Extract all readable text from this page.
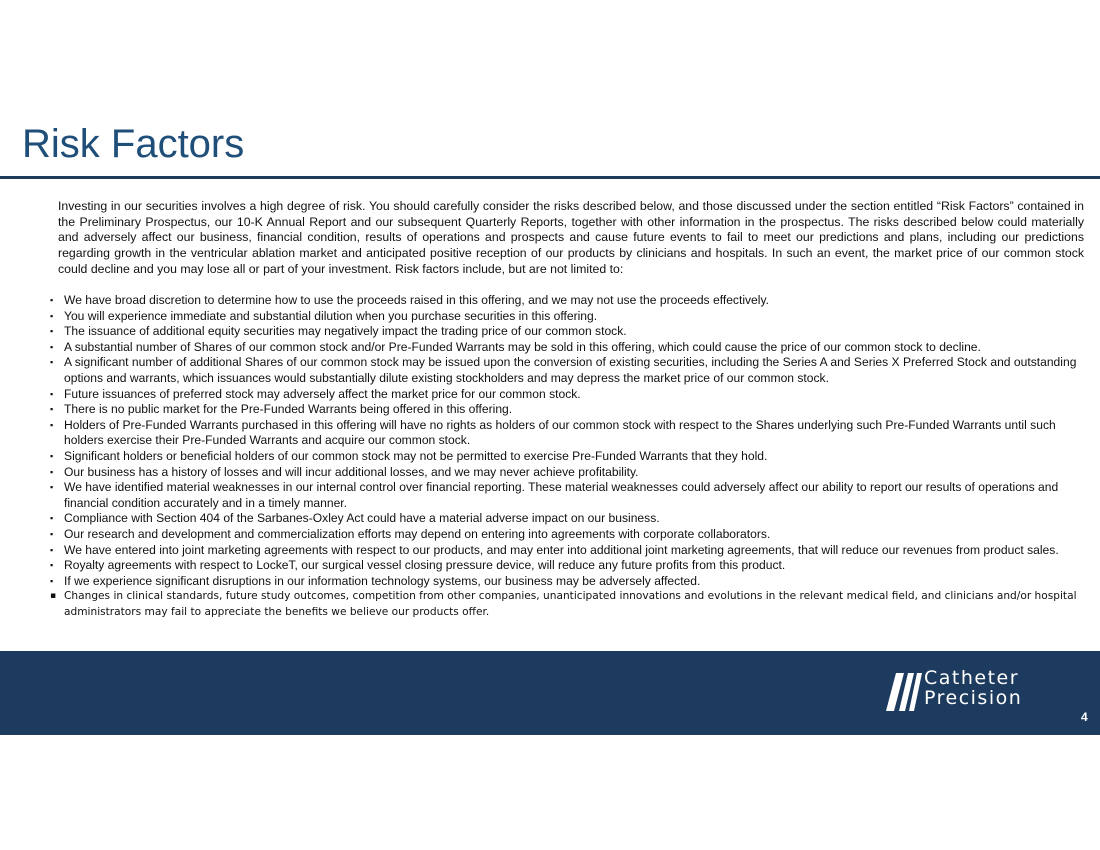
Risk Factors

Investing in our securities involves a high degree of risk. You should carefully consider the risks described below, and those discussed under the section entitled “Risk Factors” contained in the Preliminary Prospectus, our 10-K Annual Report and our subsequent Quarterly Reports, together with other information in the prospectus. The risks described below could materially and adversely affect our business, financial condition, results of operations and prospects and cause future events to fail to meet our predictions and plans, including our predictions regarding growth in the ventricular ablation market and anticipated positive reception of our products by clinicians and hospitals. In such an event, the market price of our common stock could decline and you may lose all or part of your investment. Risk factors include, but are not limited to:

▪ We have broad discretion to determine how to use the proceeds raised in this offering, and we may not use the proceeds effectively.
▪ You will experience immediate and substantial dilution when you purchase securities in this offering.
▪ The issuance of additional equity securities may negatively impact the trading price of our common stock.
▪ A substantial number of Shares of our common stock and/or Pre-Funded Warrants may be sold in this offering, which could cause the price of our common stock to decline.
▪ A significant number of additional Shares of our common stock may be issued upon the conversion of existing securities, including the Series A and Series X Preferred Stock and outstanding options and warrants, which issuances would substantially dilute existing stockholders and may depress the market price of our common stock.
▪ Future issuances of preferred stock may adversely affect the market price for our common stock.
▪ There is no public market for the Pre-Funded Warrants being offered in this offering.
▪ Holders of Pre-Funded Warrants purchased in this offering will have no rights as holders of our common stock with respect to the Shares underlying such Pre-Funded Warrants until such holders exercise their Pre-Funded Warrants and acquire our common stock.
▪ Significant holders or beneficial holders of our common stock may not be permitted to exercise Pre-Funded Warrants that they hold.
▪ Our business has a history of losses and will incur additional losses, and we may never achieve profitability.
▪ We have identified material weaknesses in our internal control over financial reporting. These material weaknesses could adversely affect our ability to report our results of operations and financial condition accurately and in a timely manner.
▪ Compliance with Section 404 of the Sarbanes-Oxley Act could have a material adverse impact on our business.
▪ Our research and development and commercialization efforts may depend on entering into agreements with corporate collaborators.
▪ We have entered into joint marketing agreements with respect to our products, and may enter into additional joint marketing agreements, that will reduce our revenues from product sales.
▪ Royalty agreements with respect to LockeT, our surgical vessel closing pressure device, will reduce any future profits from this product.
▪ If we experience significant disruptions in our information technology systems, our business may be adversely affected.
▪ Changes in clinical standards, future study outcomes, competition from other companies, unanticipated innovations and evolutions in the relevant medical field, and clinicians and/or hospital administrators may fail to appreciate the benefits we believe our products offer.
Catheter
Precision
4
